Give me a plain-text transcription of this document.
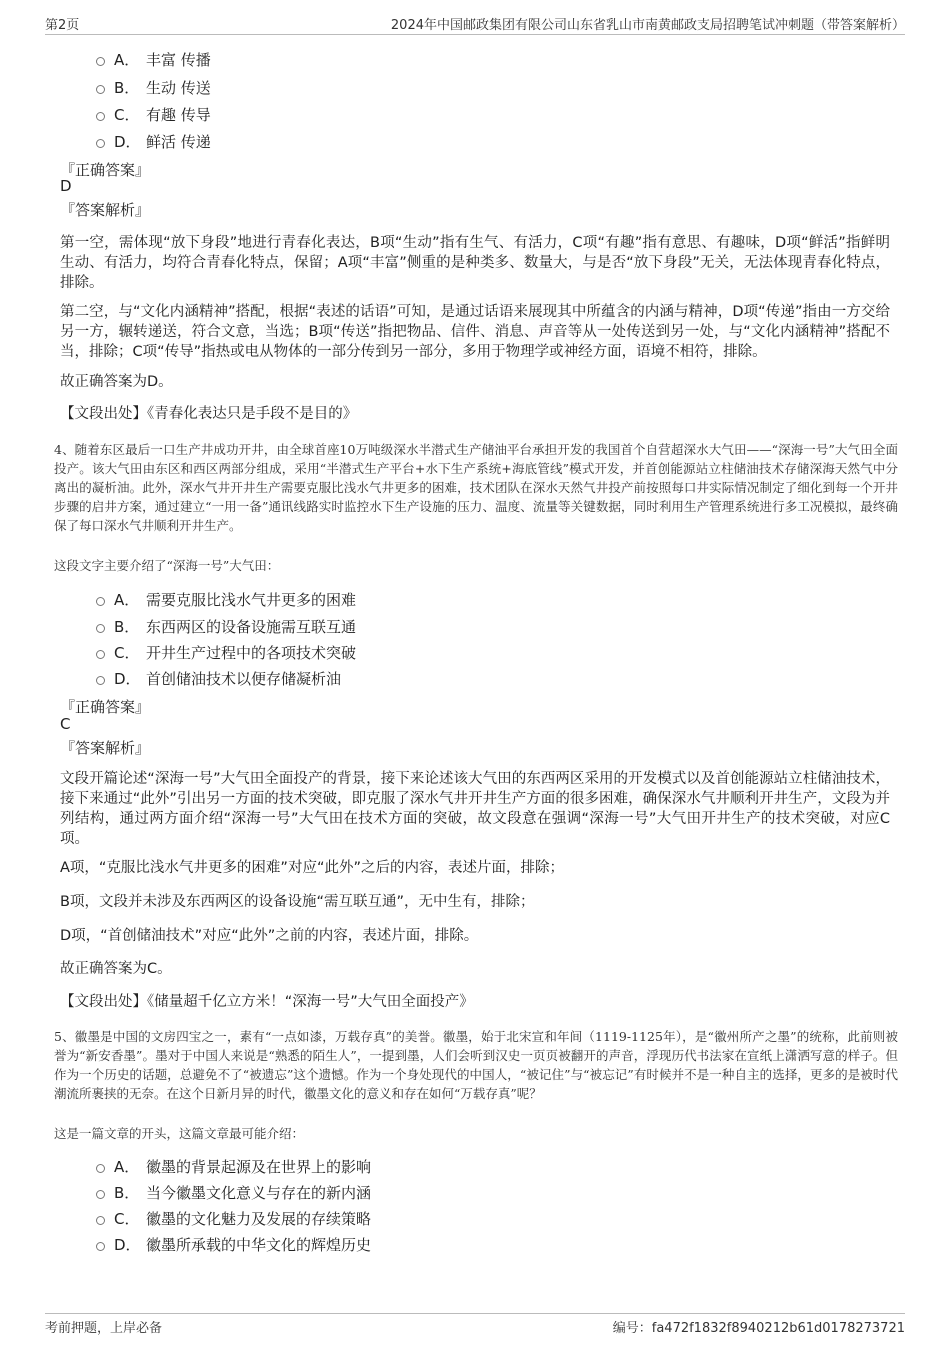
第2页	2024年中国邮政集团有限公司山东省乳山市南黄邮政支局招聘笔试冲刺题（带答案解析）
A． 丰富 传播
B． 生动 传送
C． 有趣 传导
D． 鲜活 传递
『正确答案』
D
『答案解析』
第一空，需体现“放下身段”地进行青春化表达，B项“生动”指有生气、有活力，C项“有趣”指有意思、有趣味，D项“鲜活”指鲜明生动、有活力，均符合青春化特点，保留；A项“丰富”侧重的是种类多、数量大，与是否“放下身段”无关，无法体现青春化特点，排除。
第二空，与“文化内涵精神”搭配，根据“表述的话语”可知，是通过话语来展现其中所蕴含的内涵与精神，D项“传递”指由一方交给另一方，辗转递送，符合文意，当选；B项“传送”指把物品、信件、消息、声音等从一处传送到另一处，与“文化内涵精神”搭配不当，排除；C项“传导”指热或电从物体的一部分传到另一部分，多用于物理学或神经方面，语境不相符，排除。
故正确答案为D。
【文段出处】《青春化表达只是手段不是目的》
4、随着东区最后一口生产井成功开井，由全球首座10万吨级深水半潜式生产储油平台承担开发的我国首个自营超深水大气田——“深海一号”大气田全面投产。该大气田由东区和西区两部分组成，采用“半潜式生产平台+水下生产系统+海底管线”模式开发，并首创能源站立柱储油技术存储深海天然气中分离出的凝析油。此外，深水气井开井生产需要克服比浅水气井更多的困难，技术团队在深水天然气井投产前按照每口井实际情况制定了细化到每一个开井步骤的启井方案，通过建立“一用一备”通讯线路实时监控水下生产设施的压力、温度、流量等关键数据，同时利用生产管理系统进行多工况模拟，最终确保了每口深水气井顺利开井生产。
这段文字主要介绍了“深海一号”大气田：
A． 需要克服比浅水气井更多的困难
B． 东西两区的设备设施需互联互通
C． 开井生产过程中的各项技术突破
D． 首创储油技术以便存储凝析油
『正确答案』
C
『答案解析』
文段开篇论述“深海一号”大气田全面投产的背景，接下来论述该大气田的东西两区采用的开发模式以及首创能源站立柱储油技术，接下来通过“此外”引出另一方面的技术突破，即克服了深水气井开井生产方面的很多困难，确保深水气井顺利开井生产，文段为并列结构，通过两方面介绍“深海一号”大气田在技术方面的突破，故文段意在强调“深海一号”大气田开井生产的技术突破，对应C项。
A项，“克服比浅水气井更多的困难”对应“此外”之后的内容，表述片面，排除；
B项，文段并未涉及东西两区的设备设施“需互联互通”，无中生有，排除；
D项，“首创储油技术”对应“此外”之前的内容，表述片面，排除。
故正确答案为C。
【文段出处】《储量超千亿立方米！“深海一号”大气田全面投产》
5、徽墨是中国的文房四宝之一，素有“一点如漆，万载存真”的美誉。徽墨，始于北宋宣和年间（1119-1125年），是“徽州所产之墨”的统称，此前则被誉为“新安香墨”。墨对于中国人来说是“熟悉的陌生人”，一提到墨，人们会听到汉史一页页被翻开的声音，浮现历代书法家在宣纸上潇洒写意的样子。但作为一个历史的话题，总避免不了“被遗忘”这个遗憾。作为一个身处现代的中国人，“被记住”与“被忘记”有时候并不是一种自主的选择，更多的是被时代潮流所裹挟的无奈。在这个日新月异的时代，徽墨文化的意义和存在如何“万载存真”呢？
这是一篇文章的开头，这篇文章最可能介绍：
A． 徽墨的背景起源及在世界上的影响
B． 当今徽墨文化意义与存在的新内涵
C． 徽墨的文化魅力及发展的存续策略
D． 徽墨所承载的中华文化的辉煌历史
考前押题，上岸必备	编号：fa472f1832f8940212b61d0178273721
